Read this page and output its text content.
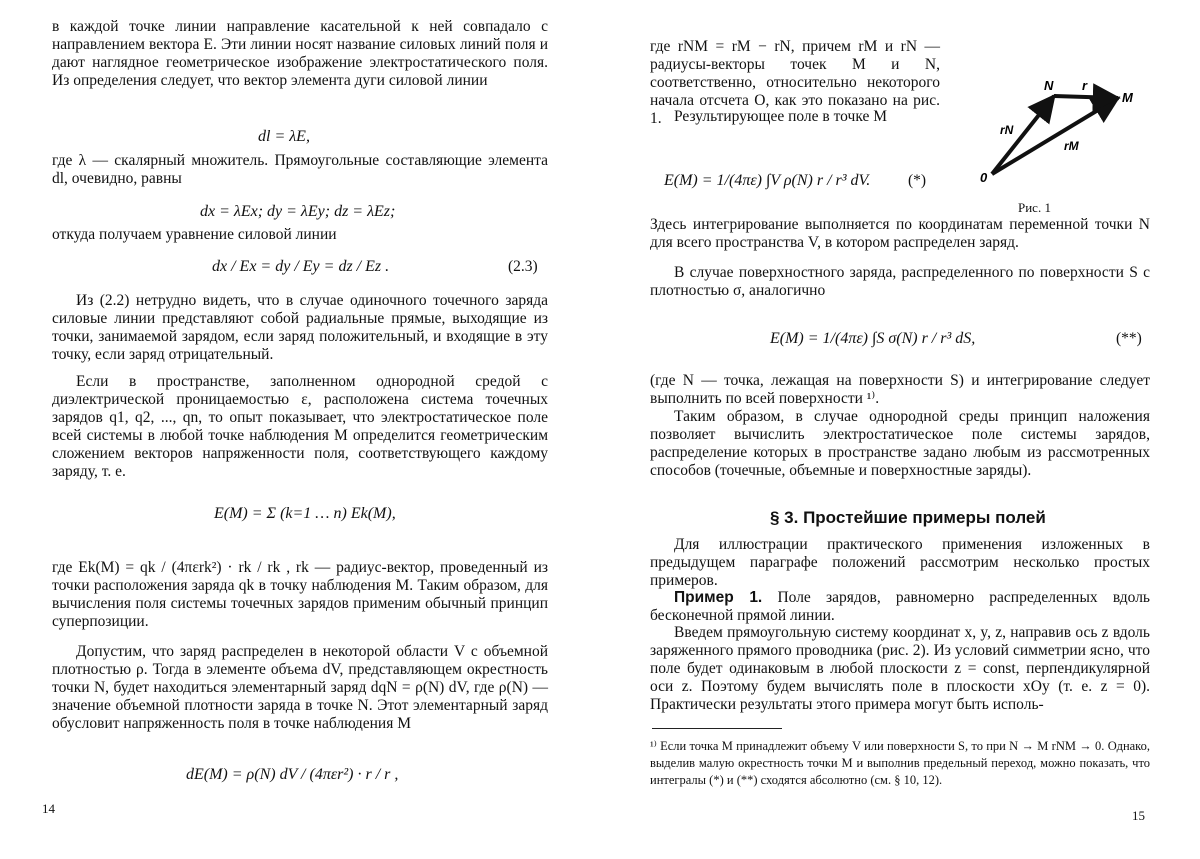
в каждой точке линии направление касательной к ней совпадало с направлением вектора E. Эти линии носят название силовых линий поля и дают наглядное геометрическое изображение электростатического поля. Из определения следует, что вектор элемента дуги силовой линии

dl = λE,

где λ — скалярный множитель. Прямоугольные составляющие элемента dl, очевидно, равны

dx = λEx; dy = λEy; dz = λEz;

откуда получаем уравнение силовой линии

dx / Ex = dy / Ey = dz / Ez .	(2.3)

Из (2.2) нетрудно видеть, что в случае одиночного точечного заряда силовые линии представляют собой радиальные прямые, выходящие из точки, занимаемой зарядом, если заряд положительный, и входящие в эту точку, если заряд отрицательный.

Если в пространстве, заполненном однородной средой с диэлектрической проницаемостью ε, расположена система точечных зарядов q1, q2, ..., qn, то опыт показывает, что электростатическое поле всей системы в любой точке наблюдения M определится геометрическим сложением векторов напряженности поля, соответствующего каждому заряду, т. е.

E(M) = Σ (k=1 … n) Ek(M),

где Ek(M) = qk / (4πεrk²) · rk / rk , rk — радиус-вектор, проведенный из точки расположения заряда qk в точку наблюдения M. Таким образом, для вычисления поля системы точечных зарядов применим обычный принцип суперпозиции.

Допустим, что заряд распределен в некоторой области V с объемной плотностью ρ. Тогда в элементе объема dV, представляющем окрестность точки N, будет находиться элементарный заряд dqN = ρ(N) dV, где ρ(N) — значение объемной плотности заряда в точке N. Этот элементарный заряд обусловит напряженность поля в точке наблюдения M

dE(M) = ρ(N) dV / (4πεr²) · r / r ,
14

где rNM = rM − rN, причем rM и rN — радиусы-векторы точек M и N, соответственно, относительно некоторого начала отсчета O, как это показано на рис. 1. Результирующее поле в точке M

E(M) = 1/(4πε) ∫V ρ(N) r / r³ dV. (*)
N
M
0
r
rN
rM
Рис. 1

Здесь интегрирование выполняется по координатам переменной точки N для всего пространства V, в котором распределен заряд.

В случае поверхностного заряда, распределенного по поверхности S с плотностью σ, аналогично

E(M) = 1/(4πε) ∫S σ(N) r / r³ dS,	(**)

(где N — точка, лежащая на поверхности S) и интегрирование следует выполнить по всей поверхности ¹⁾.

Таким образом, в случае однородной среды принцип наложения позволяет вычислить электростатическое поле системы зарядов, распределение которых в пространстве задано любым из рассмотренных способов (точечные, объемные и поверхностные заряды).

§ 3. Простейшие примеры полей

Для иллюстрации практического применения изложенных в предыдущем параграфе положений рассмотрим несколько простых примеров.

Пример 1. Поле зарядов, равномерно распределенных вдоль бесконечной прямой линии.

Введем прямоугольную систему координат x, y, z, направив ось z вдоль заряженного прямого проводника (рис. 2). Из условий симметрии ясно, что поле будет одинаковым в любой плоскости z = const, перпендикулярной оси z. Поэтому будем вычислять поле в плоскости xOy (т. е. z = 0). Практически результаты этого примера могут быть исполь-

¹⁾ Если точка M принадлежит объему V или поверхности S, то при N → M rNM → 0. Однако, выделив малую окрестность точки M и выполнив предельный переход, можно показать, что интегралы (*) и (**) сходятся абсолютно (см. § 10, 12).

15
